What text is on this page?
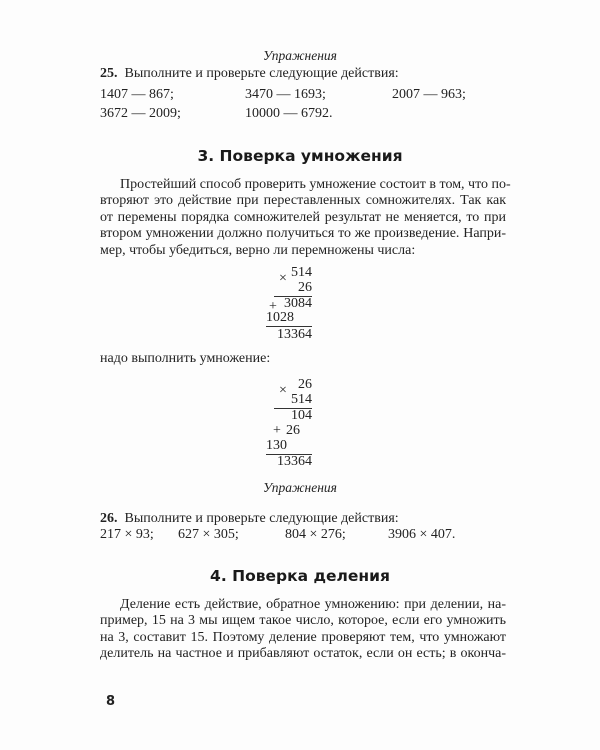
Упражнения
25. Выполните и проверьте следующие действия:
1407 — 867;	3470 — 1693;	2007 — 963;
3672 — 2009;	10000 — 6792.
3. Поверка умножения
Простейший способ проверить умножение состоит в том, что по-
вторяют это действие при переставленных сомножителях. Так как
от перемены порядка сомножителей результат не меняется, то при
втором умножении должно получиться то же произведение. Напри-
мер, чтобы убедиться, верно ли перемножены числа:
×
+
514
26
3084
1028
13364
надо выполнить умножение:
×
+
26
514
104
26
130
13364
Упражнения
26. Выполните и проверьте следующие действия:
217 × 93; 627 × 305;	804 × 276;	3906 × 407.
4. Поверка деления
Деление есть действие, обратное умножению: при делении, на-
пример, 15 на 3 мы ищем такое число, которое, если его умножить
на 3, составит 15. Поэтому деление проверяют тем, что умножают
делитель на частное и прибавляют остаток, если он есть; в оконча-
8
